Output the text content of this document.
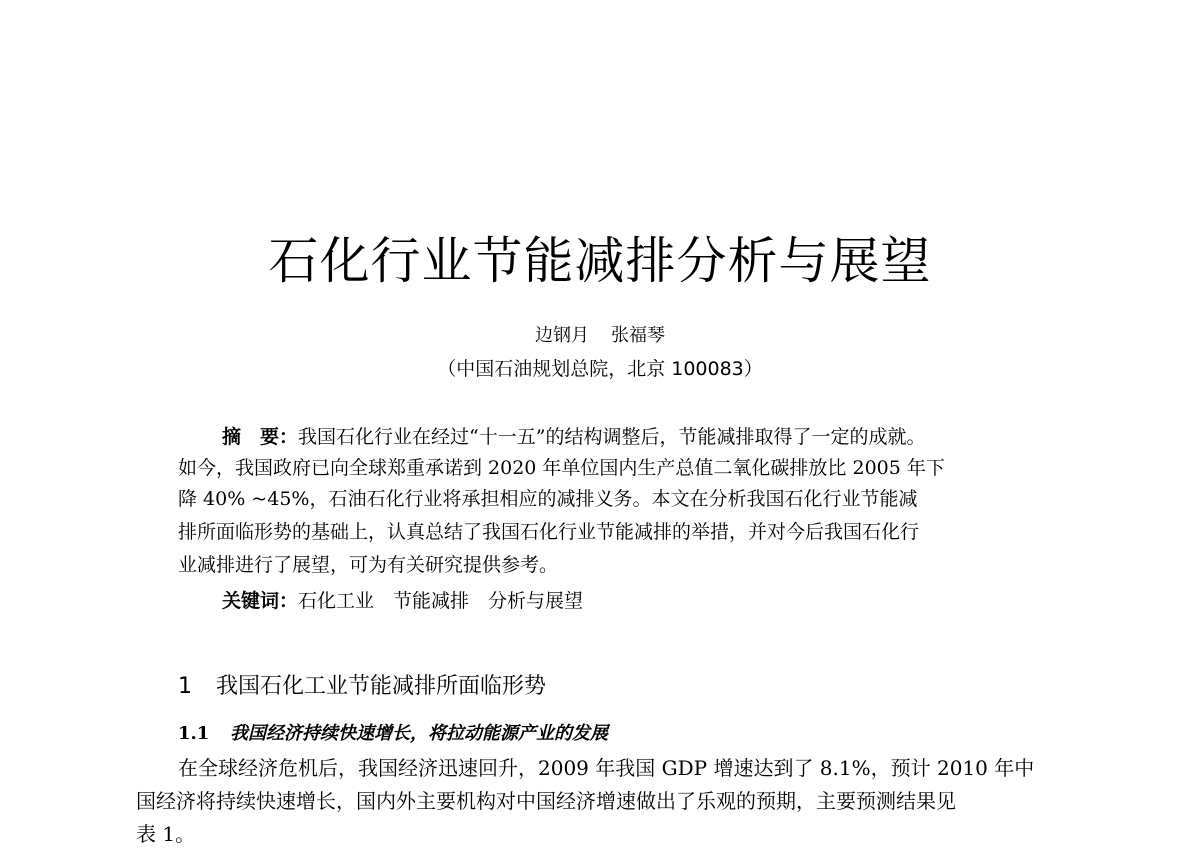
石化行业节能减排分析与展望
边钢月 张福琴
（中国石油规划总院，北京 100083）
摘　要：我国石化行业在经过“十一五”的结构调整后，节能减排取得了一定的成就。
如今，我国政府已向全球郑重承诺到 2020 年单位国内生产总值二氧化碳排放比 2005 年下
降 40% ~45%，石油石化行业将承担相应的减排义务。本文在分析我国石化行业节能减
排所面临形势的基础上，认真总结了我国石化行业节能减排的举措，并对今后我国石化行
业减排进行了展望，可为有关研究提供参考。
关键词：石化工业　节能减排　分析与展望
1 我国石化工业节能减排所面临形势
1.1 我国经济持续快速增长，将拉动能源产业的发展
在全球经济危机后，我国经济迅速回升，2009 年我国 GDP 增速达到了 8.1%，预计 2010 年中
国经济将持续快速增长，国内外主要机构对中国经济增速做出了乐观的预期，主要预测结果见
表 1。
